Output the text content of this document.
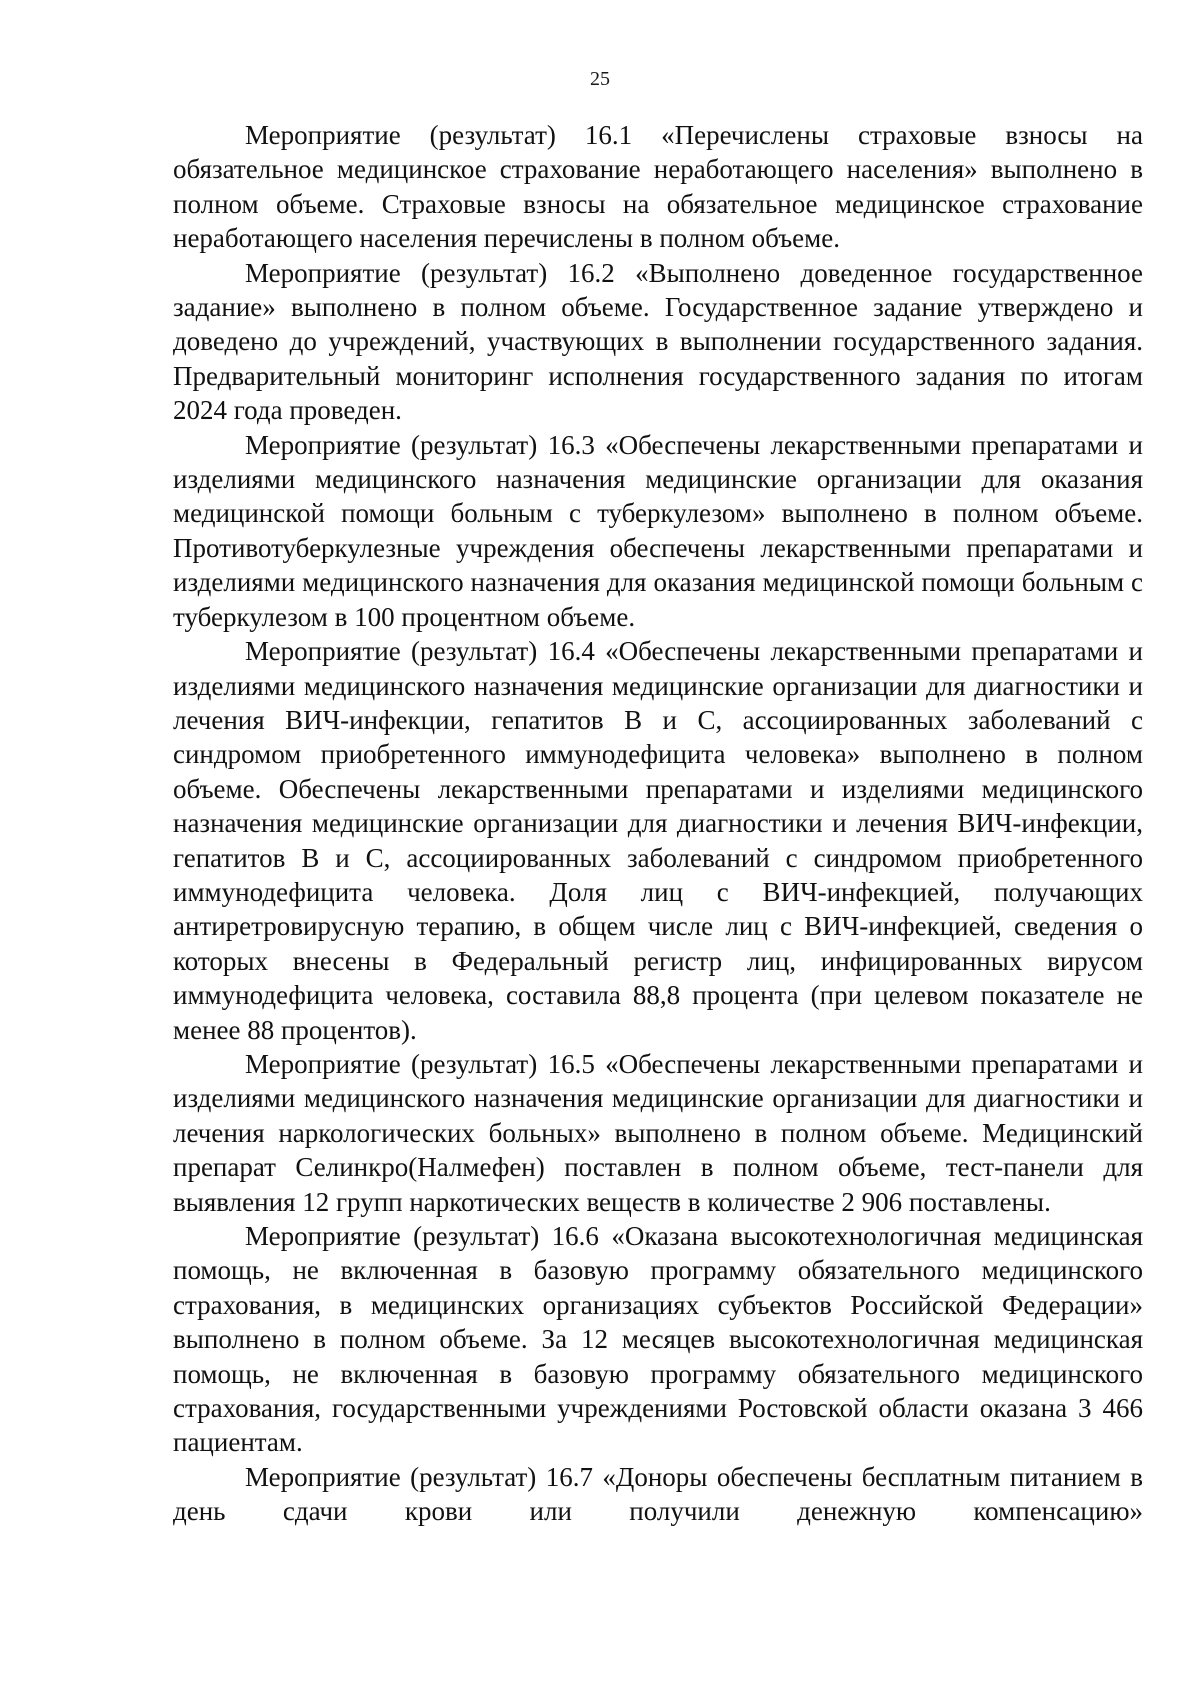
25

Мероприятие (результат) 16.1 «Перечислены страховые взносы на обязательное медицинское страхование неработающего населения» выполнено в полном объеме. Страховые взносы на обязательное медицинское страхование неработающего населения перечислены в полном объеме.

Мероприятие (результат) 16.2 «Выполнено доведенное государственное задание» выполнено в полном объеме. Государственное задание утверждено и доведено до учреждений, участвующих в выполнении государственного задания. Предварительный мониторинг исполнения государственного задания по итогам 2024 года проведен.

Мероприятие (результат) 16.3 «Обеспечены лекарственными препаратами и изделиями медицинского назначения медицинские организации для оказания медицинской помощи больным с туберкулезом» выполнено в полном объеме. Противотуберкулезные учреждения обеспечены лекарственными препаратами и изделиями медицинского назначения для оказания медицинской помощи больным с туберкулезом в 100 процентном объеме.

Мероприятие (результат) 16.4 «Обеспечены лекарственными препаратами и изделиями медицинского назначения медицинские организации для диагностики и лечения ВИЧ-инфекции, гепатитов В и С, ассоциированных заболеваний с синдромом приобретенного иммунодефицита человека» выполнено в полном объеме. Обеспечены лекарственными препаратами и изделиями медицинского назначения медицинские организации для диагностики и лечения ВИЧ-инфекции, гепатитов В и С, ассоциированных заболеваний с синдромом приобретенного иммунодефицита человека. Доля лиц с ВИЧ-инфекцией, получающих антиретровирусную терапию, в общем числе лиц с ВИЧ-инфекцией, сведения о которых внесены в Федеральный регистр лиц, инфицированных вирусом иммунодефицита человека, составила 88,8 процента (при целевом показателе не менее 88 процентов).

Мероприятие (результат) 16.5 «Обеспечены лекарственными препаратами и изделиями медицинского назначения медицинские организации для диагностики и лечения наркологических больных» выполнено в полном объеме. Медицинский препарат Селинкро(Налмефен) поставлен в полном объеме, тест-панели для выявления 12 групп наркотических веществ в количестве 2 906 поставлены.

Мероприятие (результат) 16.6 «Оказана высокотехнологичная медицинская помощь, не включенная в базовую программу обязательного медицинского страхования, в медицинских организациях субъектов Российской Федерации» выполнено в полном объеме. За 12 месяцев высокотехнологичная медицинская помощь, не включенная в базовую программу обязательного медицинского страхования, государственными учреждениями Ростовской области оказана 3 466 пациентам.

Мероприятие (результат) 16.7 «Доноры обеспечены бесплатным питанием в день сдачи крови или получили денежную компенсацию»
